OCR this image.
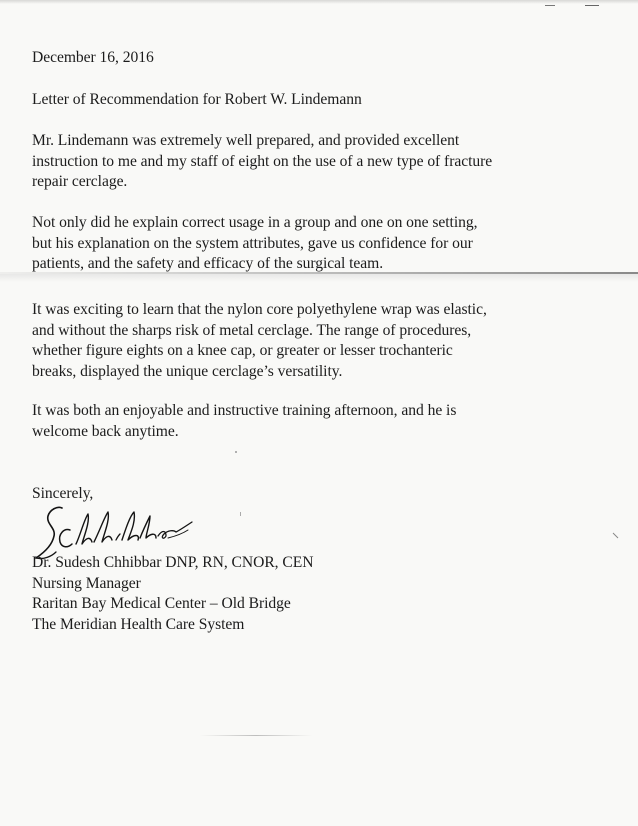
December 16, 2016
Letter of Recommendation for Robert W. Lindemann
Mr. Lindemann was extremely well prepared, and provided excellent
instruction to me and my staff of eight on the use of a new type of fracture
repair cerclage.
Not only did he explain correct usage in a group and one on one setting,
but his explanation on the system attributes, gave us confidence for our
patients, and the safety and efficacy of the surgical team.
It was exciting to learn that the nylon core polyethylene wrap was elastic,
and without the sharps risk of metal cerclage. The range of procedures,
whether figure eights on a knee cap, or greater or lesser trochanteric
breaks, displayed the unique cerclage’s versatility.
It was both an enjoyable and instructive training afternoon, and he is
welcome back anytime.
Sincerely,
Dr. Sudesh Chhibbar DNP, RN, CNOR, CEN
Nursing Manager
Raritan Bay Medical Center – Old Bridge
The Meridian Health Care System
